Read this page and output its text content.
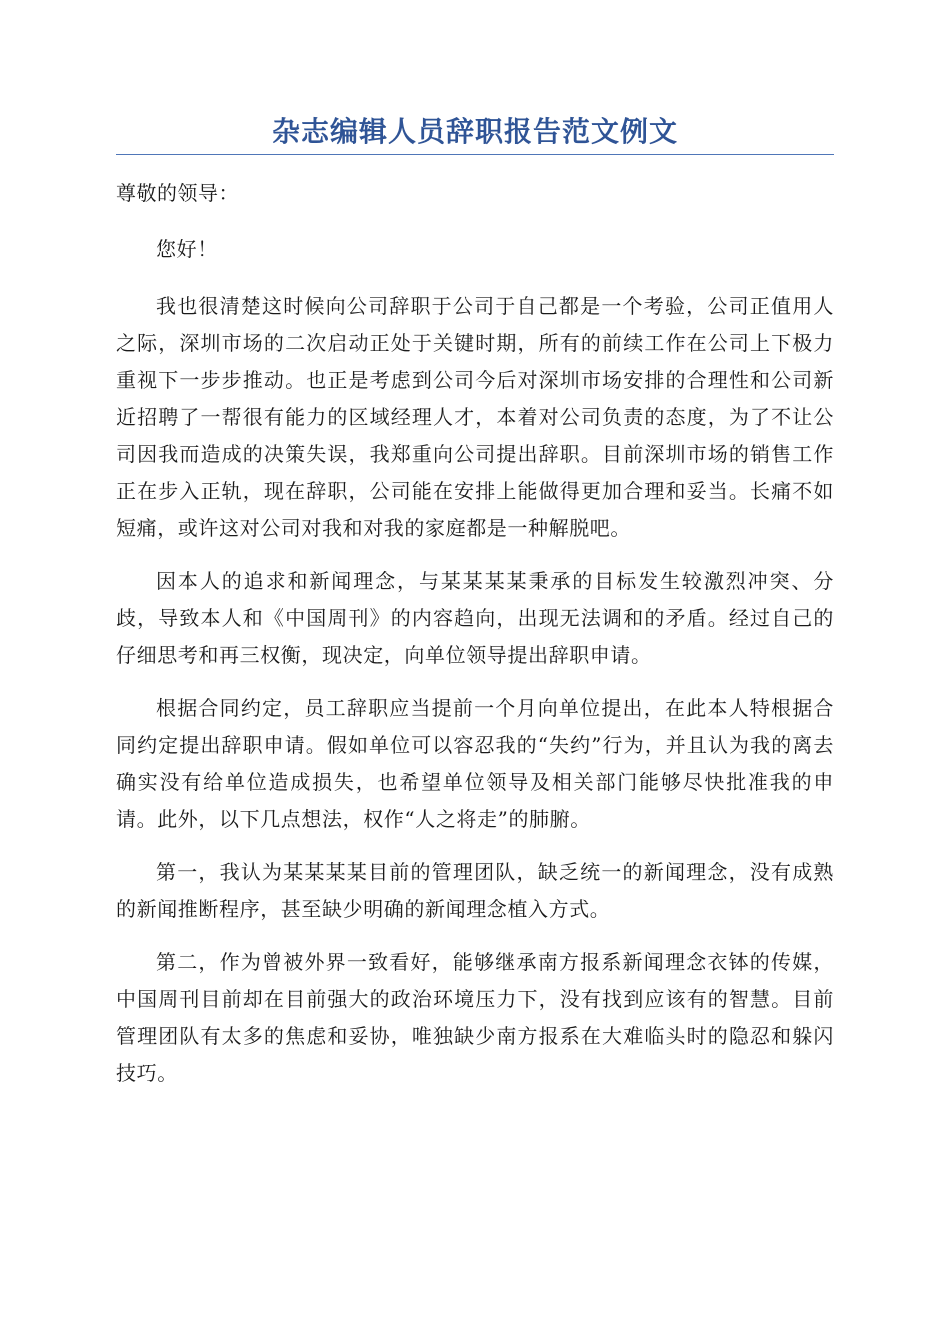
杂志编辑人员辞职报告范文例文

尊敬的领导：

您好！

我也很清楚这时候向公司辞职于公司于自己都是一个考验，公司正值用人之际，深圳市场的二次启动正处于关键时期，所有的前续工作在公司上下极力重视下一步步推动。也正是考虑到公司今后对深圳市场安排的合理性和公司新近招聘了一帮很有能力的区域经理人才，本着对公司负责的态度，为了不让公司因我而造成的决策失误，我郑重向公司提出辞职。目前深圳市场的销售工作正在步入正轨，现在辞职，公司能在安排上能做得更加合理和妥当。长痛不如短痛，或许这对公司对我和对我的家庭都是一种解脱吧。

因本人的追求和新闻理念，与某某某某秉承的目标发生较激烈冲突、分歧，导致本人和《中国周刊》的内容趋向，出现无法调和的矛盾。经过自己的仔细思考和再三权衡，现决定，向单位领导提出辞职申请。

根据合同约定，员工辞职应当提前一个月向单位提出，在此本人特根据合同约定提出辞职申请。假如单位可以容忍我的“失约”行为，并且认为我的离去确实没有给单位造成损失，也希望单位领导及相关部门能够尽快批准我的申请。此外，以下几点想法，权作“人之将走”的肺腑。

第一，我认为某某某某目前的管理团队，缺乏统一的新闻理念，没有成熟的新闻推断程序，甚至缺少明确的新闻理念植入方式。

第二，作为曾被外界一致看好，能够继承南方报系新闻理念衣钵的传媒，中国周刊目前却在目前强大的政治环境压力下，没有找到应该有的智慧。目前管理团队有太多的焦虑和妥协，唯独缺少南方报系在大难临头时的隐忍和躲闪技巧。
